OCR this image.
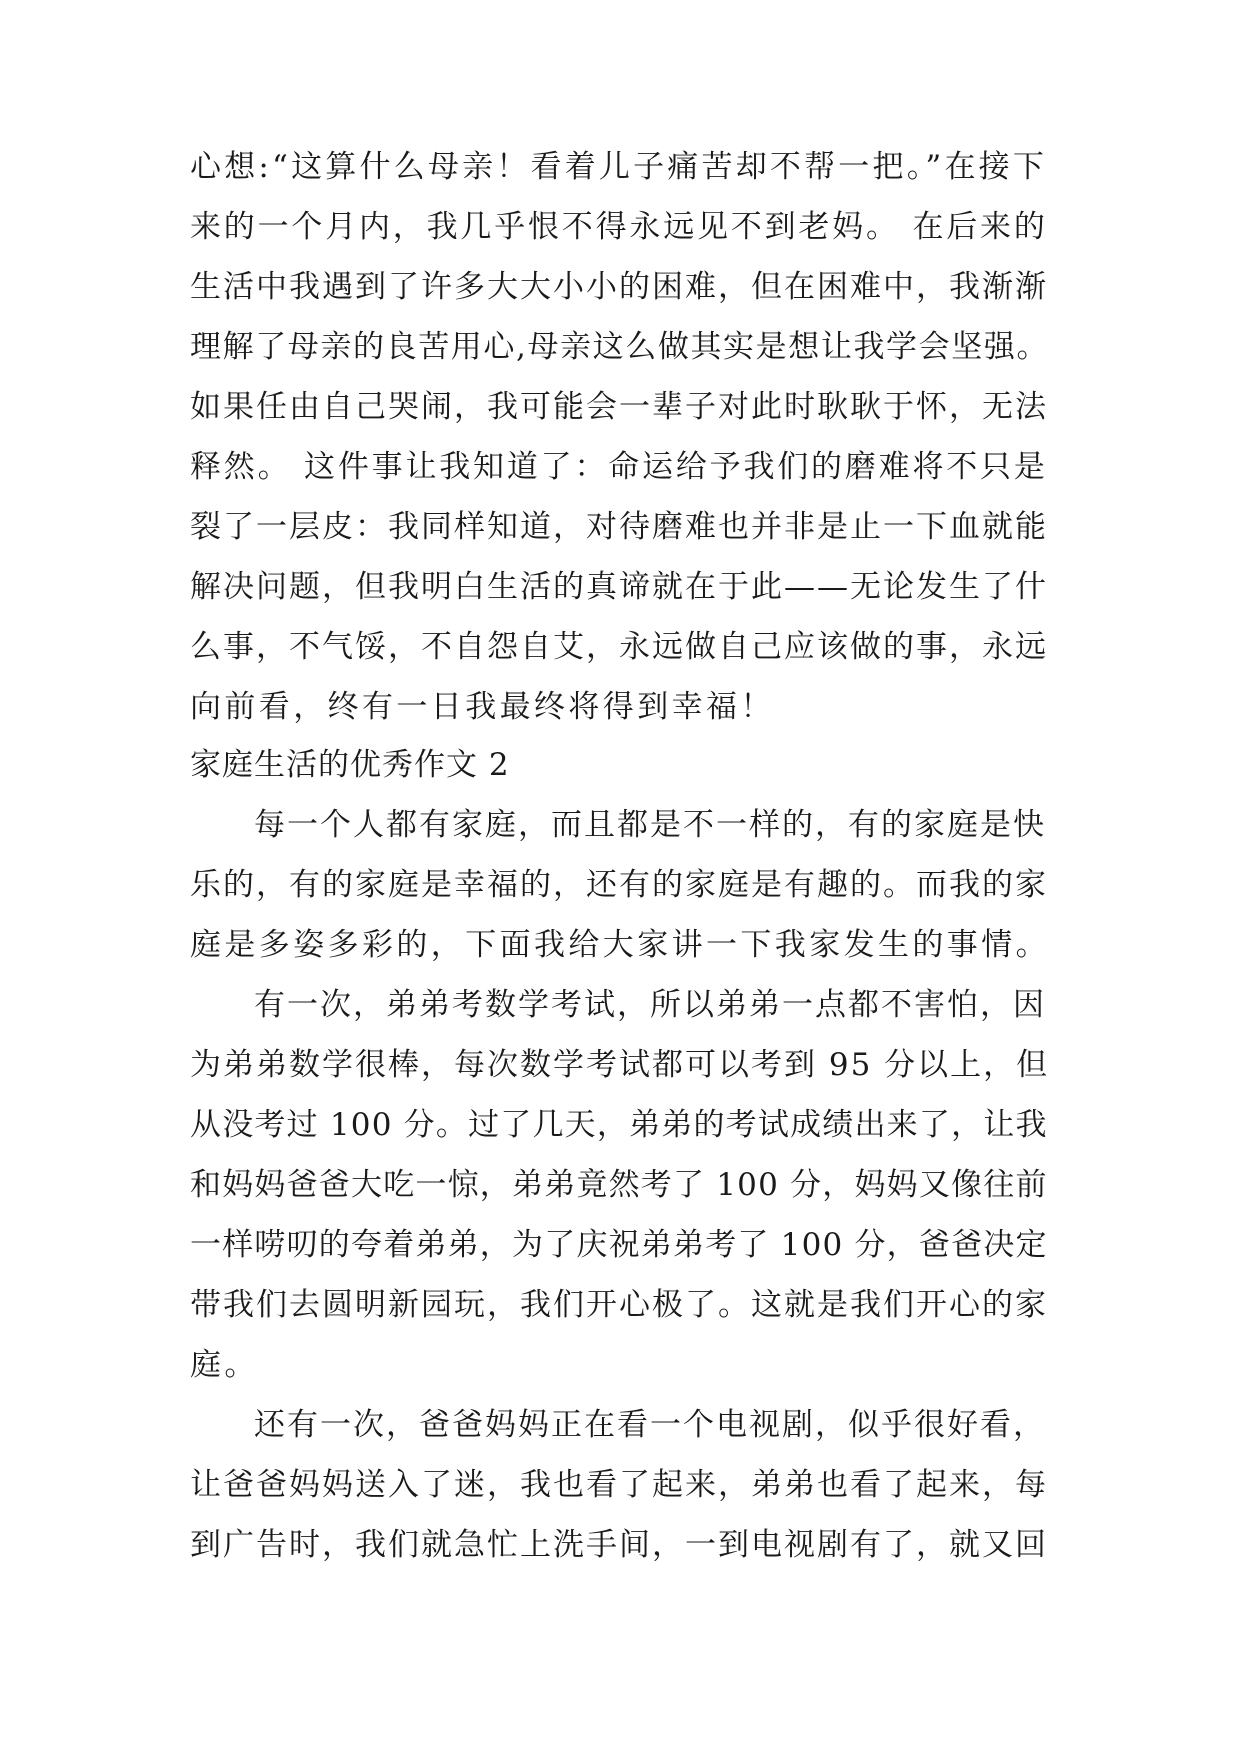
心想:“这算什么母亲！看着儿子痛苦却不帮一把。”在接下
来的一个月内，我几乎恨不得永远见不到老妈。 在后来的
生活中我遇到了许多大大小小的困难，但在困难中，我渐渐
理解了母亲的良苦用心,母亲这么做其实是想让我学会坚强。
如果任由自己哭闹，我可能会一辈子对此时耿耿于怀，无法
释然。 这件事让我知道了：命运给予我们的磨难将不只是
裂了一层皮：我同样知道，对待磨难也并非是止一下血就能
解决问题，但我明白生活的真谛就在于此——无论发生了什
么事，不气馁，不自怨自艾，永远做自己应该做的事，永远
向前看，终有一日我最终将得到幸福！
家庭生活的优秀作文 2
每一个人都有家庭，而且都是不一样的，有的家庭是快
乐的，有的家庭是幸福的，还有的家庭是有趣的。而我的家
庭是多姿多彩的，下面我给大家讲一下我家发生的事情。
有一次，弟弟考数学考试，所以弟弟一点都不害怕，因
为弟弟数学很棒，每次数学考试都可以考到 95 分以上，但
从没考过 100 分。过了几天，弟弟的考试成绩出来了，让我
和妈妈爸爸大吃一惊，弟弟竟然考了 100 分，妈妈又像往前
一样唠叨的夸着弟弟，为了庆祝弟弟考了 100 分，爸爸决定
带我们去圆明新园玩，我们开心极了。这就是我们开心的家
庭。
还有一次，爸爸妈妈正在看一个电视剧，似乎很好看，
让爸爸妈妈送入了迷，我也看了起来，弟弟也看了起来，每
到广告时，我们就急忙上洗手间，一到电视剧有了，就又回
